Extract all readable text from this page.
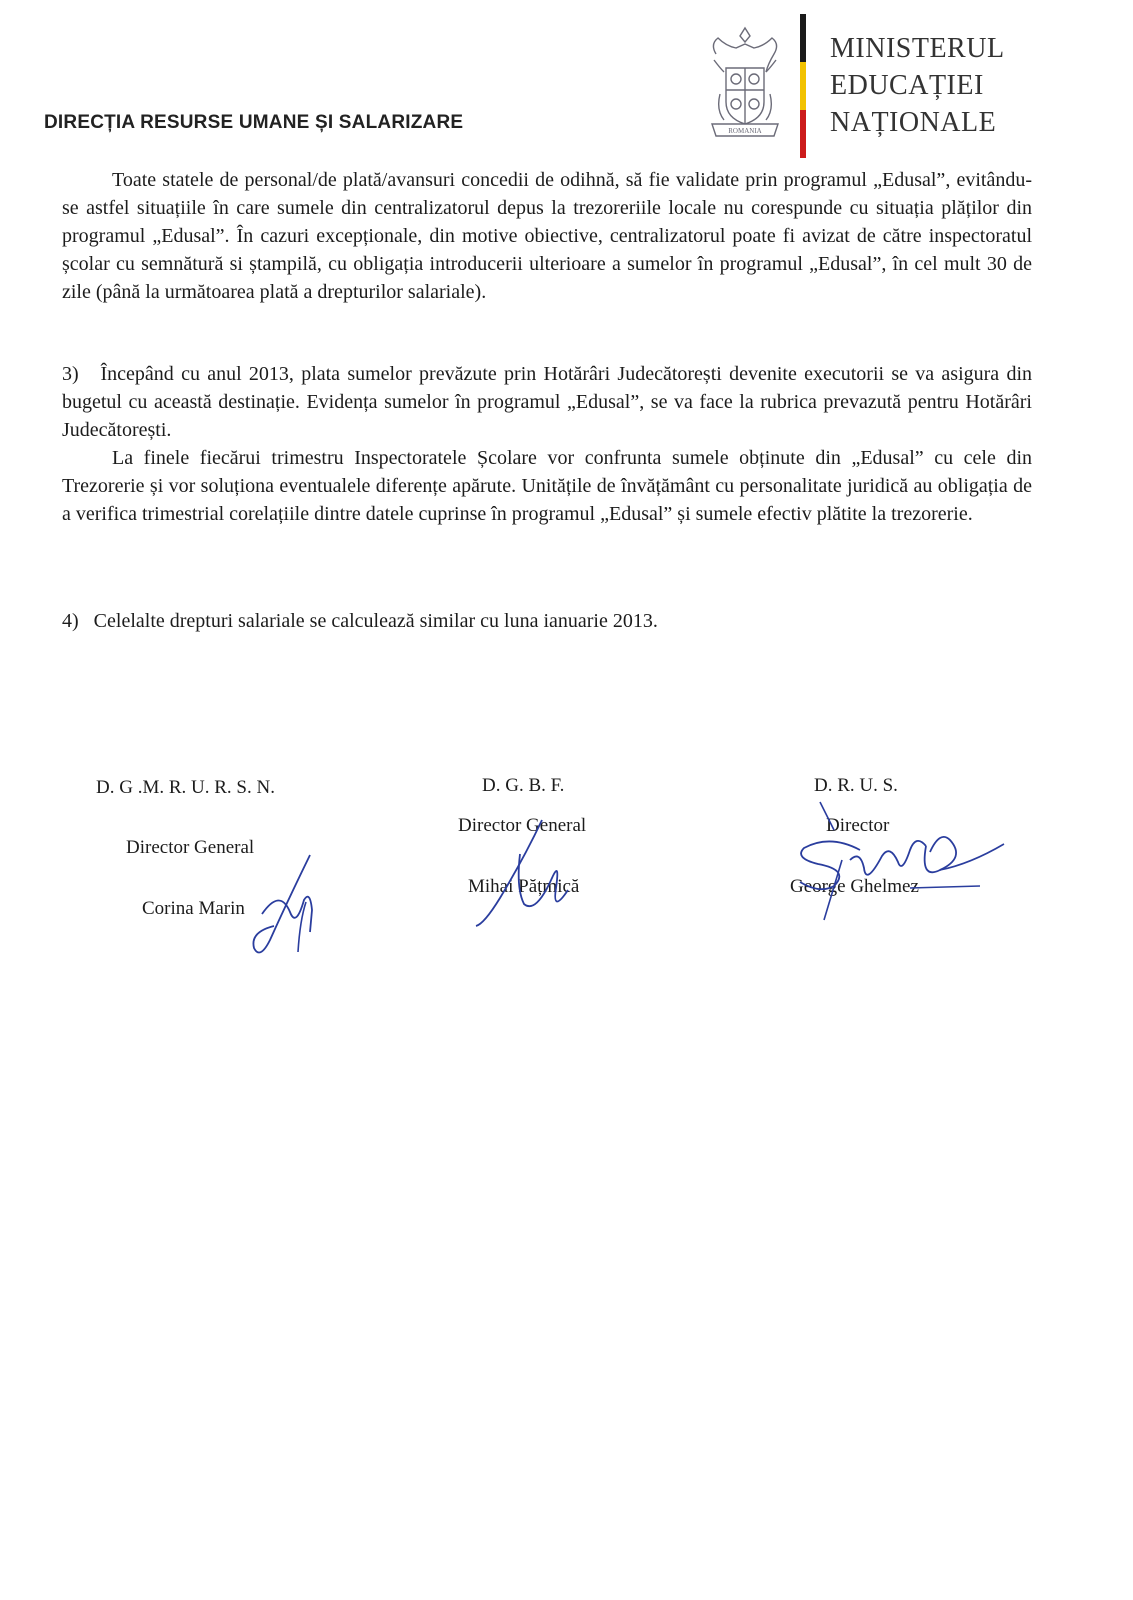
DIRECȚIA RESURSE UMANE ȘI SALARIZARE	ROMANIA
MINISTERUL
EDUCAȚIEI
NAȚIONALE

Toate statele de personal/de plată/avansuri concedii de odihnă, să fie validate prin programul „Edusal”, evitându-se astfel situațiile în care sumele din centralizatorul depus la trezoreriile locale nu corespunde cu situația plăților din programul „Edusal”. În cazuri excepționale, din motive obiective, centralizatorul poate fi avizat de către inspectoratul școlar cu semnătură si ștampilă, cu obligația introducerii ulterioare a sumelor în programul „Edusal”, în cel mult 30 de zile (până la următoarea plată a drepturilor salariale).

3) Începând cu anul 2013, plata sumelor prevăzute prin Hotărâri Judecătorești devenite executorii se va asigura din bugetul cu această destinație. Evidența sumelor în programul „Edusal”, se va face la rubrica prevazută pentru Hotărâri Judecătorești.

La finele fiecărui trimestru Inspectoratele Școlare vor confrunta sumele obținute din „Edusal” cu cele din Trezorerie și vor soluționa eventualele diferențe apărute. Unitățile de învățământ cu personalitate juridică au obligația de a verifica trimestrial corelațiile dintre datele cuprinse în programul „Edusal” și sumele efectiv plătite la trezorerie.

4) Celelalte drepturi salariale se calculează similar cu luna ianuarie 2013.

D. G .M. R. U. R. S. N.
Director General
Corina Marin
D. G. B. F.
Director General
Mihai Pățmică
D. R. U. S.
Director
George Ghelmez
